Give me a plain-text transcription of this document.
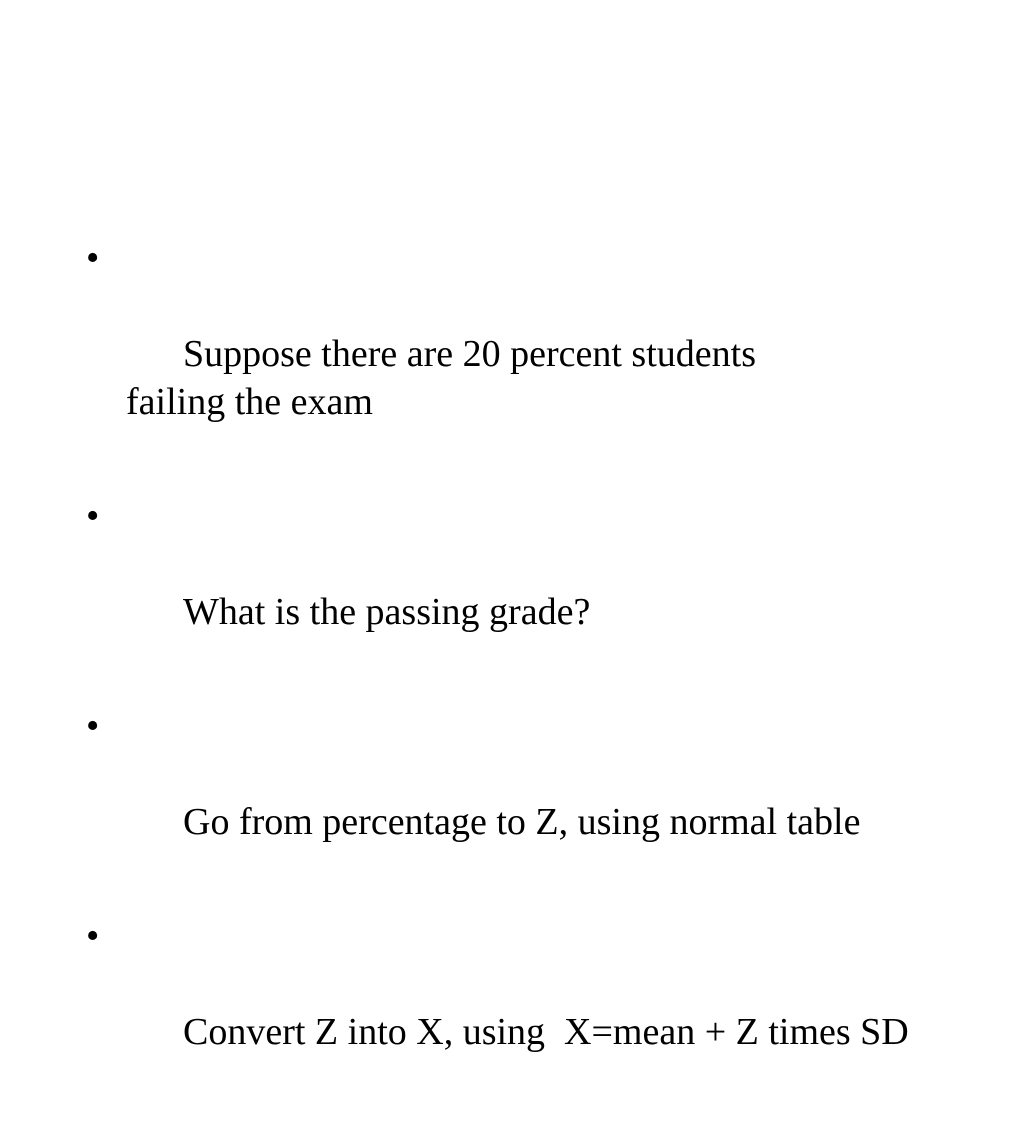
•

Suppose there are 20 percent students failing the exam

•

What is the passing grade?

•

Go from percentage to Z, using normal table

•

Convert Z into X, using  X=mean + Z times SD
